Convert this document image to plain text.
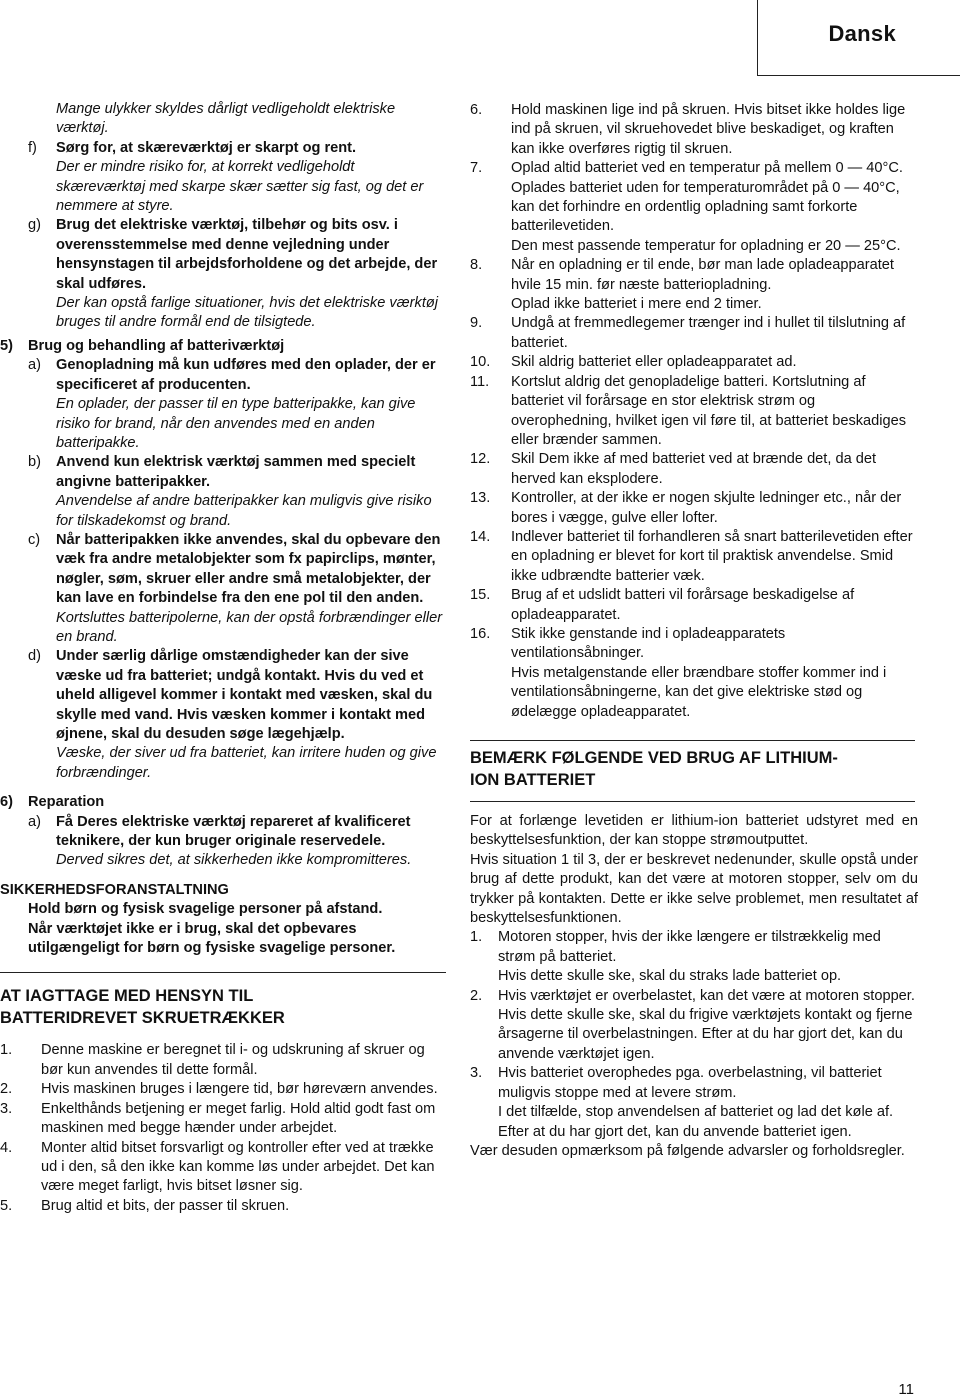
Dansk

Mange ulykker skyldes dårligt vedligeholdt elektriske værktøj.

f) Sørg for, at skæreværktøj er skarpt og rent.

Der er mindre risiko for, at korrekt vedligeholdt skæreværktøj med skarpe skær sætter sig fast, og det er nemmere at styre.

g) Brug det elektriske værktøj, tilbehør og bits osv. i overensstemmelse med denne vejledning under hensynstagen til arbejdsforholdene og det arbejde, der skal udføres.

Der kan opstå farlige situationer, hvis det elektriske værktøj bruges til andre formål end de tilsigtede.

5) Brug og behandling af batteriværktøj

a) Genopladning må kun udføres med den oplader, der er specificeret af producenten.

En oplader, der passer til en type batteripakke, kan give risiko for brand, når den anvendes med en anden batteripakke.

b) Anvend kun elektrisk værktøj sammen med specielt angivne batteripakker.

Anvendelse af andre batteripakker kan muligvis give risiko for tilskadekomst og brand.

c) Når batteripakken ikke anvendes, skal du opbevare den væk fra andre metalobjekter som fx papirclips, mønter, nøgler, søm, skruer eller andre små metalobjekter, der kan lave en forbindelse fra den ene pol til den anden.

Kortsluttes batteripolerne, kan der opstå forbrændinger eller en brand.

d) Under særlig dårlige omstændigheder kan der sive væske ud fra batteriet; undgå kontakt. Hvis du ved et uheld alligevel kommer i kontakt med væsken, skal du skylle med vand. Hvis væsken kommer i kontakt med øjnene, skal du desuden søge lægehjælp.

Væske, der siver ud fra batteriet, kan irritere huden og give forbrændinger.

6) Reparation

a) Få Deres elektriske værktøj repareret af kvalificeret teknikere, der kun bruger originale reservedele.

Derved sikres det, at sikkerheden ikke kompromitteres.

SIKKERHEDSFORANSTALTNING

Hold børn og fysisk svagelige personer på afstand.

Når værktøjet ikke er i brug, skal det opbevares utilgængeligt for børn og fysiske svagelige personer.

AT IAGTTAGE MED HENSYN TIL BATTERIDREVET SKRUETRÆKKER

1. Denne maskine er beregnet til i- og udskruning af skruer og bør kun anvendes til dette formål.

2. Hvis maskinen bruges i længere tid, bør høreværn anvendes.

3. Enkelthånds betjening er meget farlig. Hold altid godt fast om maskinen med begge hænder under arbejdet.

4. Monter altid bitset forsvarligt og kontroller efter ved at trække ud i den, så den ikke kan komme løs under arbejdet. Det kan være meget farligt, hvis bitset løsner sig.

5. Brug altid et bits, der passer til skruen.

6. Hold maskinen lige ind på skruen. Hvis bitset ikke holdes lige ind på skruen, vil skruehovedet blive beskadiget, og kraften kan ikke overføres rigtig til skruen.

7. Oplad altid batteriet ved en temperatur på mellem 0 — 40°C. Oplades batteriet uden for temperaturområdet på 0 — 40°C, kan det forhindre en ordentlig opladning samt forkorte batterilevetiden.

Den mest passende temperatur for opladning er 20 — 25°C.

8. Når en opladning er til ende, bør man lade opladeapparatet hvile 15 min. før næste batteriopladning.

Oplad ikke batteriet i mere end 2 timer.

9. Undgå at fremmedlegemer trænger ind i hullet til tilslutning af batteriet.

10. Skil aldrig batteriet eller opladeapparatet ad.

11. Kortslut aldrig det genopladelige batteri. Kortslutning af batteriet vil forårsage en stor elektrisk strøm og overophedning, hvilket igen vil føre til, at batteriet beskadiges eller brænder sammen.

12. Skil Dem ikke af med batteriet ved at brænde det, da det herved kan eksplodere.

13. Kontroller, at der ikke er nogen skjulte ledninger etc., når der bores i vægge, gulve eller lofter.

14. Indlever batteriet til forhandleren så snart batterilevetiden efter en opladning er blevet for kort til praktisk anvendelse. Smid ikke udbrændte batterier væk.

15. Brug af et udslidt batteri vil forårsage beskadigelse af opladeapparatet.

16. Stik ikke genstande ind i opladeapparatets ventilationsåbninger.

Hvis metalgenstande eller brændbare stoffer kommer ind i ventilationsåbningerne, kan det give elektriske stød og ødelægge opladeapparatet.

BEMÆRK FØLGENDE VED BRUG AF LITHIUM-ION BATTERIET

For at forlænge levetiden er lithium-ion batteriet udstyret med en beskyttelsesfunktion, der kan stoppe strømoutputtet.

Hvis situation 1 til 3, der er beskrevet nedenunder, skulle opstå under brug af dette produkt, kan det være at motoren stopper, selv om du trykker på kontakten. Dette er ikke selve problemet, men resultatet af beskyttelsesfunktionen.

1. Motoren stopper, hvis der ikke længere er tilstrækkelig med strøm på batteriet.

Hvis dette skulle ske, skal du straks lade batteriet op.

2. Hvis værktøjet er overbelastet, kan det være at motoren stopper. Hvis dette skulle ske, skal du frigive værktøjets kontakt og fjerne årsagerne til overbelastningen. Efter at du har gjort det, kan du anvende værktøjet igen.

3. Hvis batteriet overophedes pga. overbelastning, vil batteriet muligvis stoppe med at levere strøm.

I det tilfælde, stop anvendelsen af batteriet og lad det køle af. Efter at du har gjort det, kan du anvende batteriet igen.

Vær desuden opmærksom på følgende advarsler og forholdsregler.

11
